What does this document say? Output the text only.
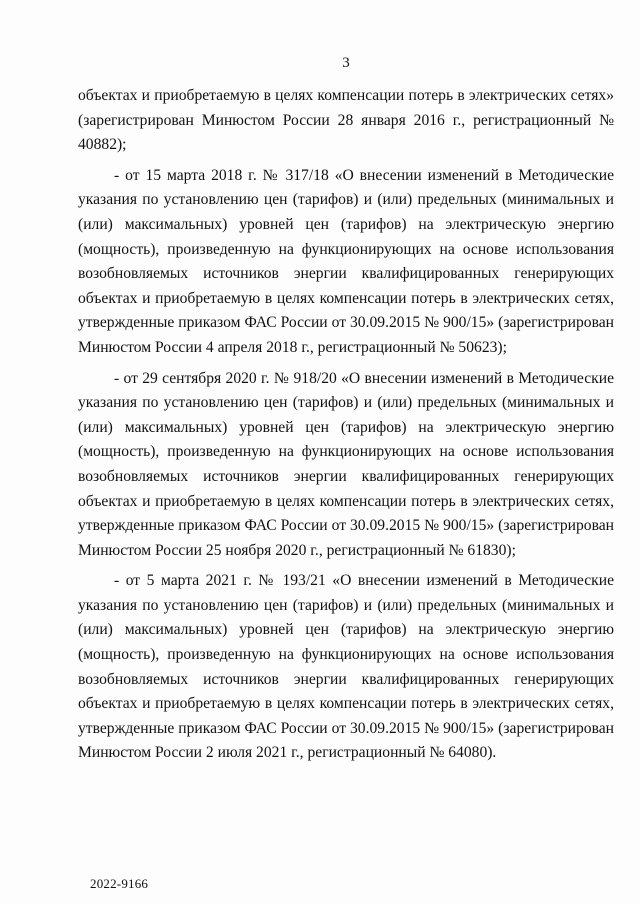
3

объектах и приобретаемую в целях компенсации потерь в электрических сетях» (зарегистрирован Минюстом России 28 января 2016 г., регистрационный № 40882);

- от 15 марта 2018 г. № 317/18 «О внесении изменений в Методические указания по установлению цен (тарифов) и (или) предельных (минимальных и (или) максимальных) уровней цен (тарифов) на электрическую энергию (мощность), произведенную на функционирующих на основе использования возобновляемых источников энергии квалифицированных генерирующих объектах и приобретаемую в целях компенсации потерь в электрических сетях, утвержденные приказом ФАС России от 30.09.2015 № 900/15» (зарегистрирован Минюстом России 4 апреля 2018 г., регистрационный № 50623);

- от 29 сентября 2020 г. № 918/20 «О внесении изменений в Методические указания по установлению цен (тарифов) и (или) предельных (минимальных и (или) максимальных) уровней цен (тарифов) на электрическую энергию (мощность), произведенную на функционирующих на основе использования возобновляемых источников энергии квалифицированных генерирующих объектах и приобретаемую в целях компенсации потерь в электрических сетях, утвержденные приказом ФАС России от 30.09.2015 № 900/15» (зарегистрирован Минюстом России 25 ноября 2020 г., регистрационный № 61830);

- от 5 марта 2021 г. № 193/21 «О внесении изменений в Методические указания по установлению цен (тарифов) и (или) предельных (минимальных и (или) максимальных) уровней цен (тарифов) на электрическую энергию (мощность), произведенную на функционирующих на основе использования возобновляемых источников энергии квалифицированных генерирующих объектах и приобретаемую в целях компенсации потерь в электрических сетях, утвержденные приказом ФАС России от 30.09.2015 № 900/15» (зарегистрирован Минюстом России 2 июля 2021 г., регистрационный № 64080).

2022-9166
